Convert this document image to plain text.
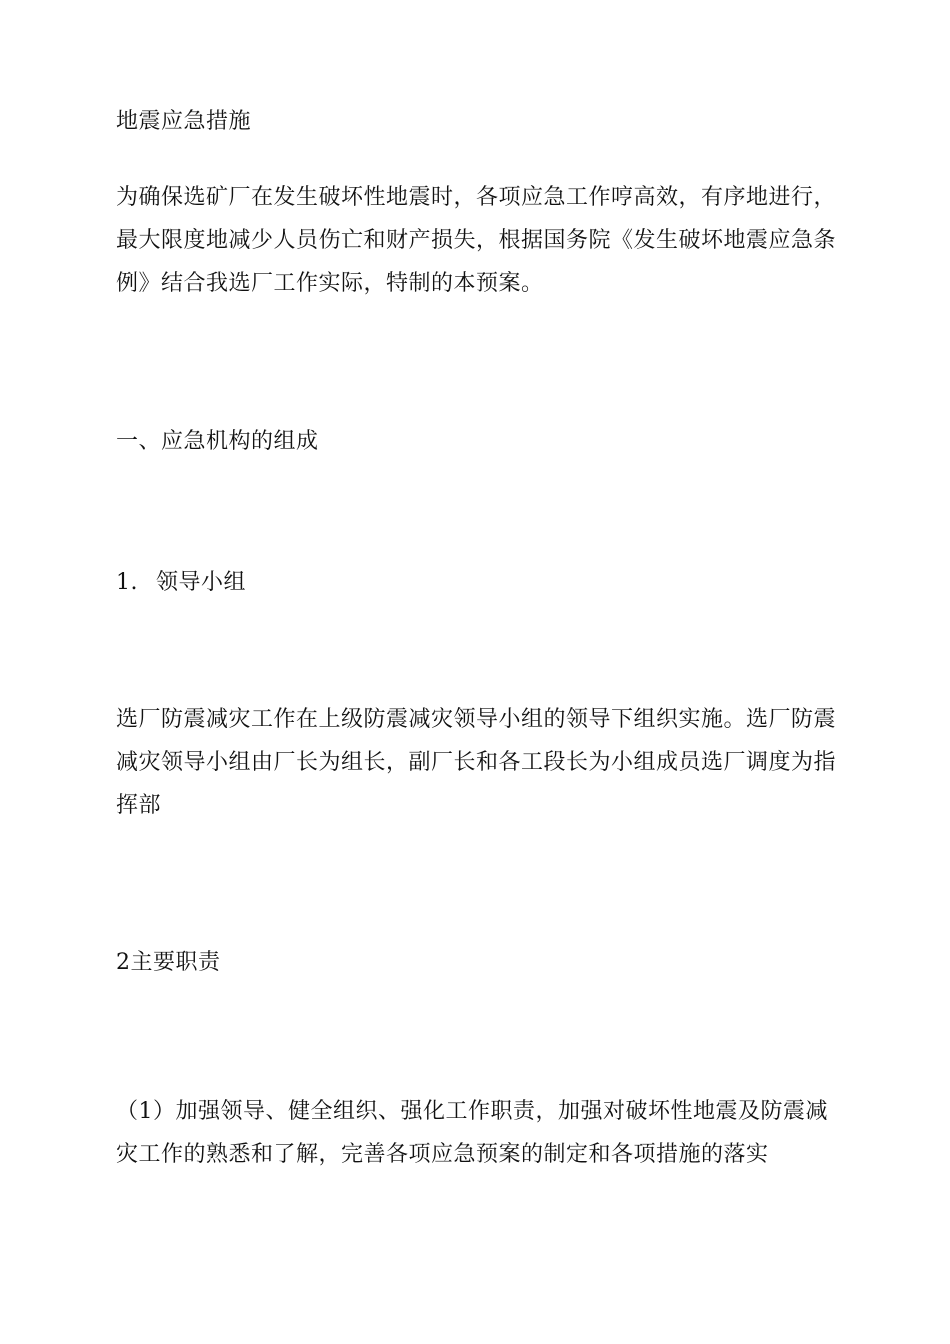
地震应急措施

为确保选矿厂在发生破坏性地震时，各项应急工作哼高效，有序地进行，最大限度地减少人员伤亡和财产损失，根据国务院《发生破坏地震应急条例》结合我选厂工作实际，特制的本预案。

一、应急机构的组成

1. 领导小组

选厂防震减灾工作在上级防震减灾领导小组的领导下组织实施。选厂防震减灾领导小组由厂长为组长，副厂长和各工段长为小组成员选厂调度为指挥部

2主要职责

（1）加强领导、健全组织、强化工作职责，加强对破坏性地震及防震减灾工作的熟悉和了解，完善各项应急预案的制定和各项措施的落实
